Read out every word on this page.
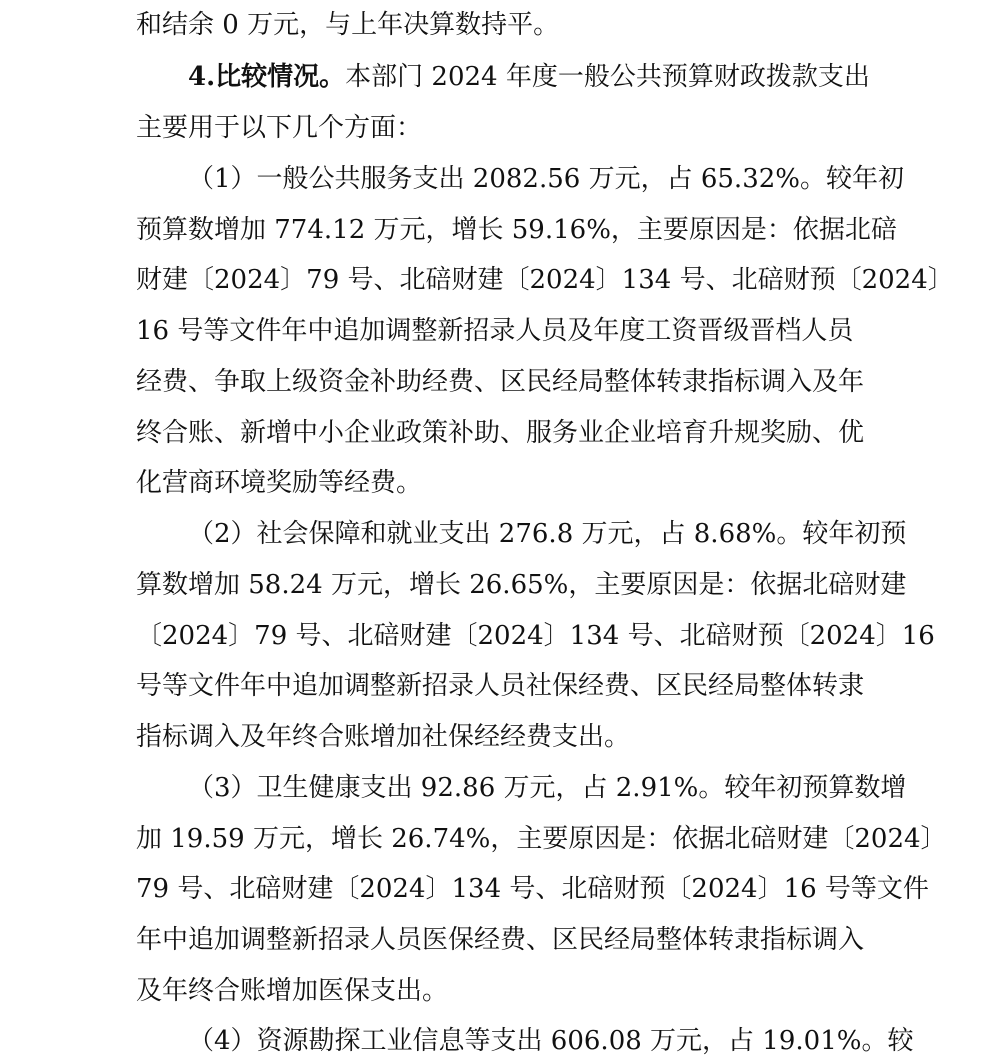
和结余 0 万元，与上年决算数持平。
4.比较情况。本部门 2024 年度一般公共预算财政拨款支出
主要用于以下几个方面：
（1）一般公共服务支出 2082.56 万元，占 65.32%。较年初
预算数增加 774.12 万元，增长 59.16%，主要原因是：依据北碚
财建〔2024〕79 号、北碚财建〔2024〕134 号、北碚财预〔2024〕
16 号等文件年中追加调整新招录人员及年度工资晋级晋档人员
经费、争取上级资金补助经费、区民经局整体转隶指标调入及年
终合账、新增中小企业政策补助、服务业企业培育升规奖励、优
化营商环境奖励等经费。
（2）社会保障和就业支出 276.8 万元，占 8.68%。较年初预
算数增加 58.24 万元，增长 26.65%，主要原因是：依据北碚财建
〔2024〕79 号、北碚财建〔2024〕134 号、北碚财预〔2024〕16
号等文件年中追加调整新招录人员社保经费、区民经局整体转隶
指标调入及年终合账增加社保经经费支出。
（3）卫生健康支出 92.86 万元，占 2.91%。较年初预算数增
加 19.59 万元，增长 26.74%，主要原因是：依据北碚财建〔2024〕
79 号、北碚财建〔2024〕134 号、北碚财预〔2024〕16 号等文件
年中追加调整新招录人员医保经费、区民经局整体转隶指标调入
及年终合账增加医保支出。
（4）资源勘探工业信息等支出 606.08 万元，占 19.01%。较
